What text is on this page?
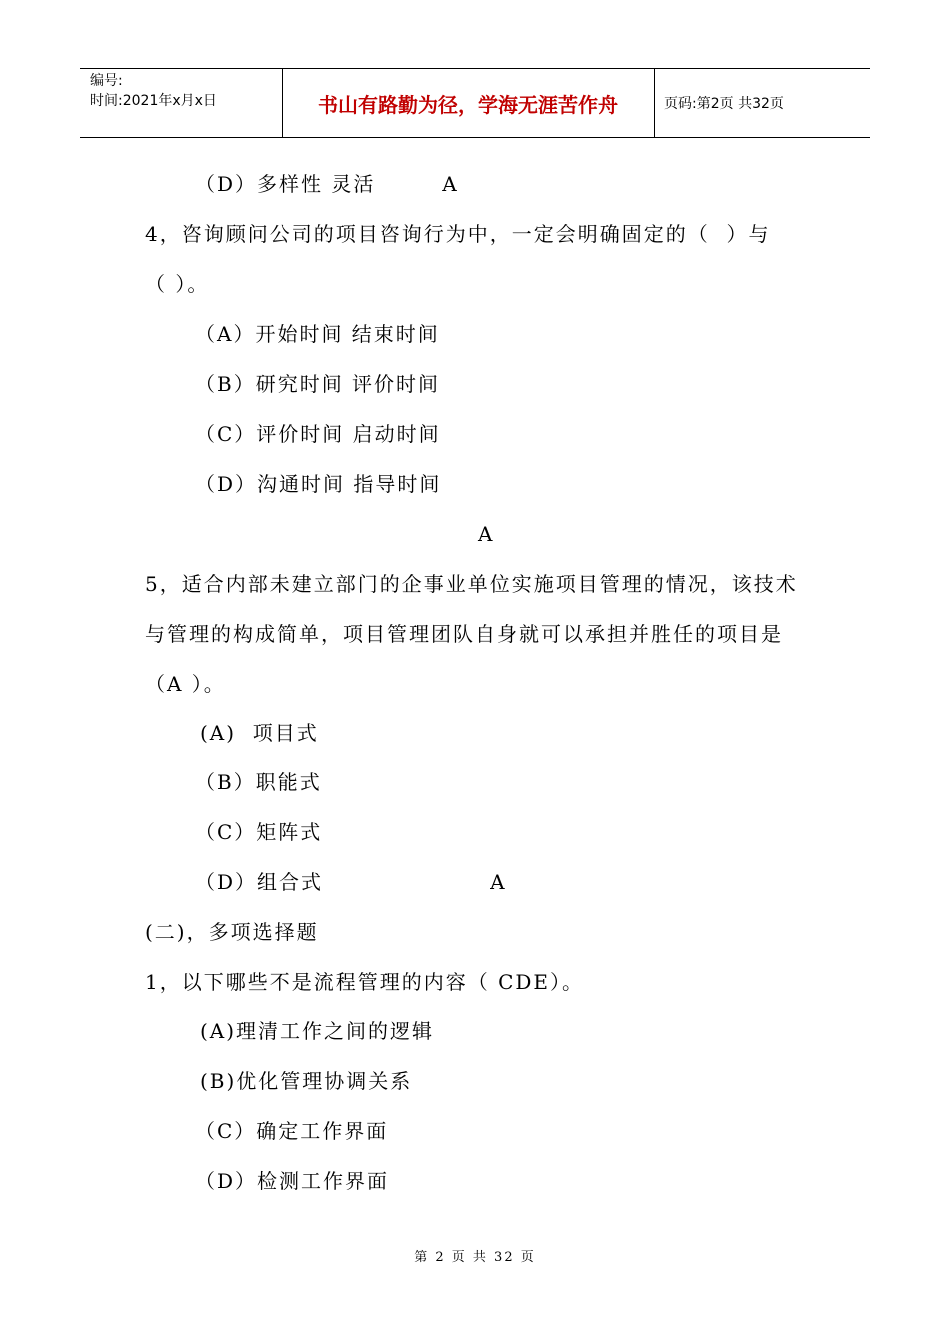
编号:
时间:2021年x月x日	书山有路勤为径，学海无涯苦作舟	页码:第2页 共32页
（D）多样性 灵活        A
4，咨询顾问公司的项目咨询行为中，一定会明确固定的（  ）与
（ ）。
（A）开始时间 结束时间
（B）研究时间 评价时间
（C）评价时间 启动时间
（D）沟通时间 指导时间
A
5，适合内部未建立部门的企事业单位实施项目管理的情况，该技术
与管理的构成简单，项目管理团队自身就可以承担并胜任的项目是
（A ）。
(A)  项目式
（B）职能式
（C）矩阵式
（D）组合式                    A
(二)，多项选择题
1，以下哪些不是流程管理的内容（ CDE）。
(A)理清工作之间的逻辑
(B)优化管理协调关系
（C）确定工作界面
（D）检测工作界面
第 2 页 共 32 页
